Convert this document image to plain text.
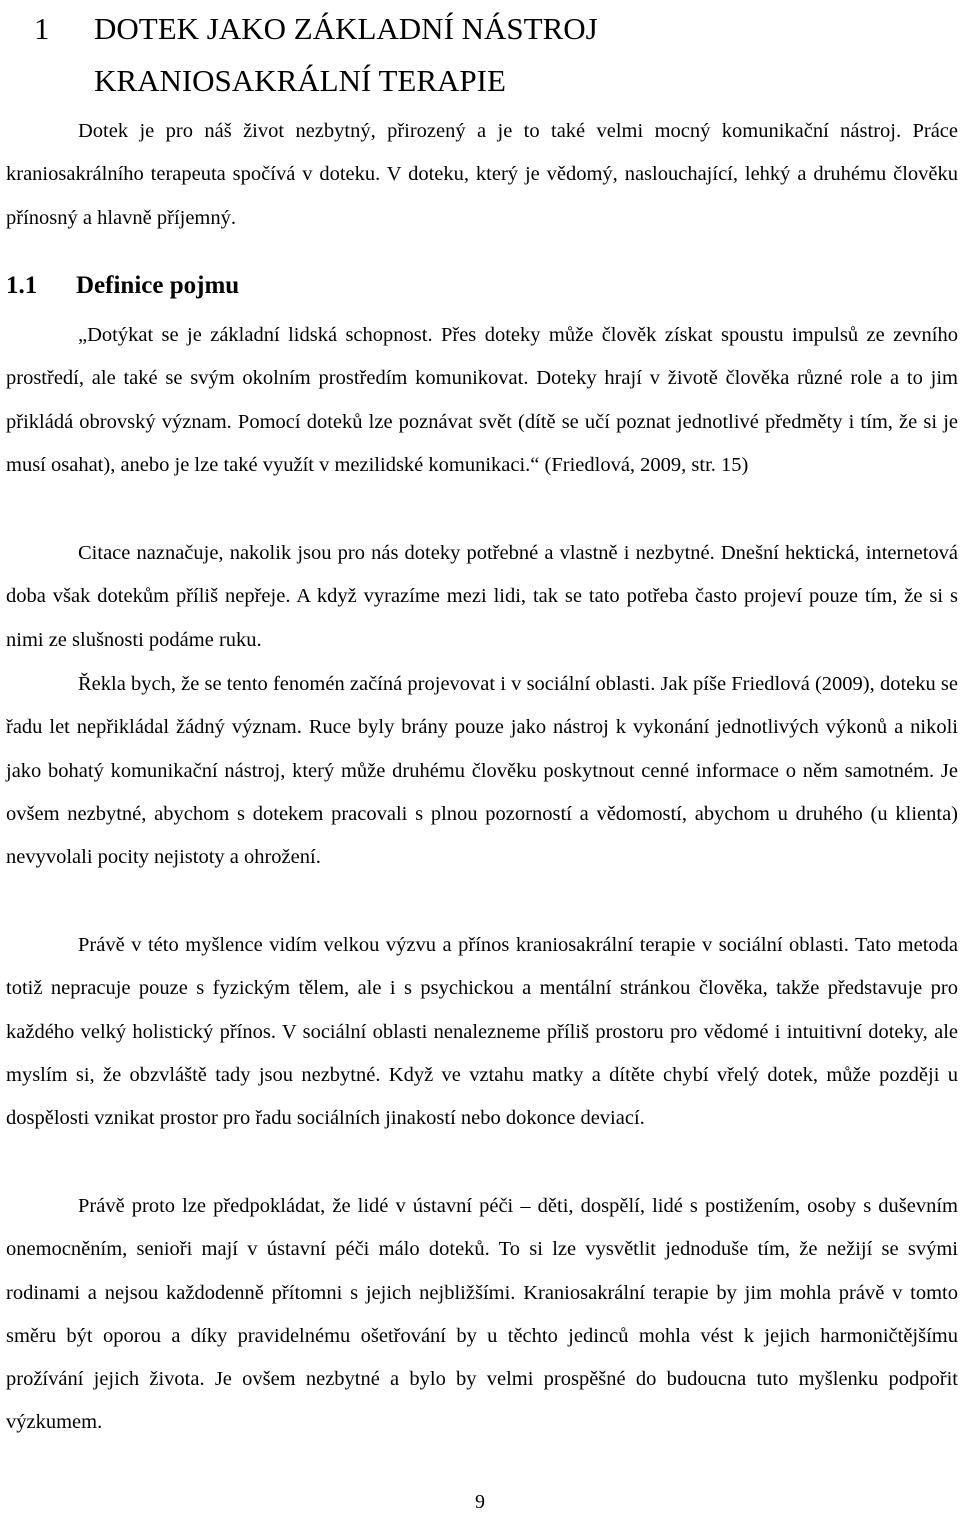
1 DOTEK JAKO ZÁKLADNÍ NÁSTROJ
KRANIOSAKRÁLNÍ TERAPIE

Dotek je pro náš život nezbytný, přirozený a je to také velmi mocný komunikační nástroj. Práce kraniosakrálního terapeuta spočívá v doteku. V doteku, který je vědomý, naslouchající, lehký a druhému člověku přínosný a hlavně příjemný.

1.1 Definice pojmu

„Dotýkat se je základní lidská schopnost. Přes doteky může člověk získat spoustu impulsů ze zevního prostředí, ale také se svým okolním prostředím komunikovat. Doteky hrají v životě člověka různé role a to jim přikládá obrovský význam. Pomocí doteků lze poznávat svět (dítě se učí poznat jednotlivé předměty i tím, že si je musí osahat), anebo je lze také využít v mezilidské komunikaci.“ (Friedlová, 2009, str. 15)

Citace naznačuje, nakolik jsou pro nás doteky potřebné a vlastně i nezbytné. Dnešní hektická, internetová doba však dotekům příliš nepřeje. A když vyrazíme mezi lidi, tak se tato potřeba často projeví pouze tím, že si s nimi ze slušnosti podáme ruku.

Řekla bych, že se tento fenomén začíná projevovat i v sociální oblasti. Jak píše Friedlová (2009), doteku se řadu let nepřikládal žádný význam. Ruce byly brány pouze jako nástroj k vykonání jednotlivých výkonů a nikoli jako bohatý komunikační nástroj, který může druhému člověku poskytnout cenné informace o něm samotném. Je ovšem nezbytné, abychom s dotekem pracovali s plnou pozorností a vědomostí, abychom u druhého (u klienta) nevyvolali pocity nejistoty a ohrožení.

Právě v této myšlence vidím velkou výzvu a přínos kraniosakrální terapie v sociální oblasti. Tato metoda totiž nepracuje pouze s fyzickým tělem, ale i s psychickou a mentální stránkou člověka, takže představuje pro každého velký holistický přínos. V sociální oblasti nenalezneme příliš prostoru pro vědomé i intuitivní doteky, ale myslím si, že obzvláště tady jsou nezbytné. Když ve vztahu matky a dítěte chybí vřelý dotek, může později u dospělosti vznikat prostor pro řadu sociálních jinakostí nebo dokonce deviací.

Právě proto lze předpokládat, že lidé v ústavní péči – děti, dospělí, lidé s postižením, osoby s duševním onemocněním, senioři mají v ústavní péči málo doteků. To si lze vysvětlit jednoduše tím, že nežijí se svými rodinami a nejsou každodenně přítomni s jejich nejbližšími. Kraniosakrální terapie by jim mohla právě v tomto směru být oporou a díky pravidelnému ošetřování by u těchto jedinců mohla vést k jejich harmoničtějšímu prožívání jejich života. Je ovšem nezbytné a bylo by velmi prospěšné do budoucna tuto myšlenku podpořit výzkumem.

9
